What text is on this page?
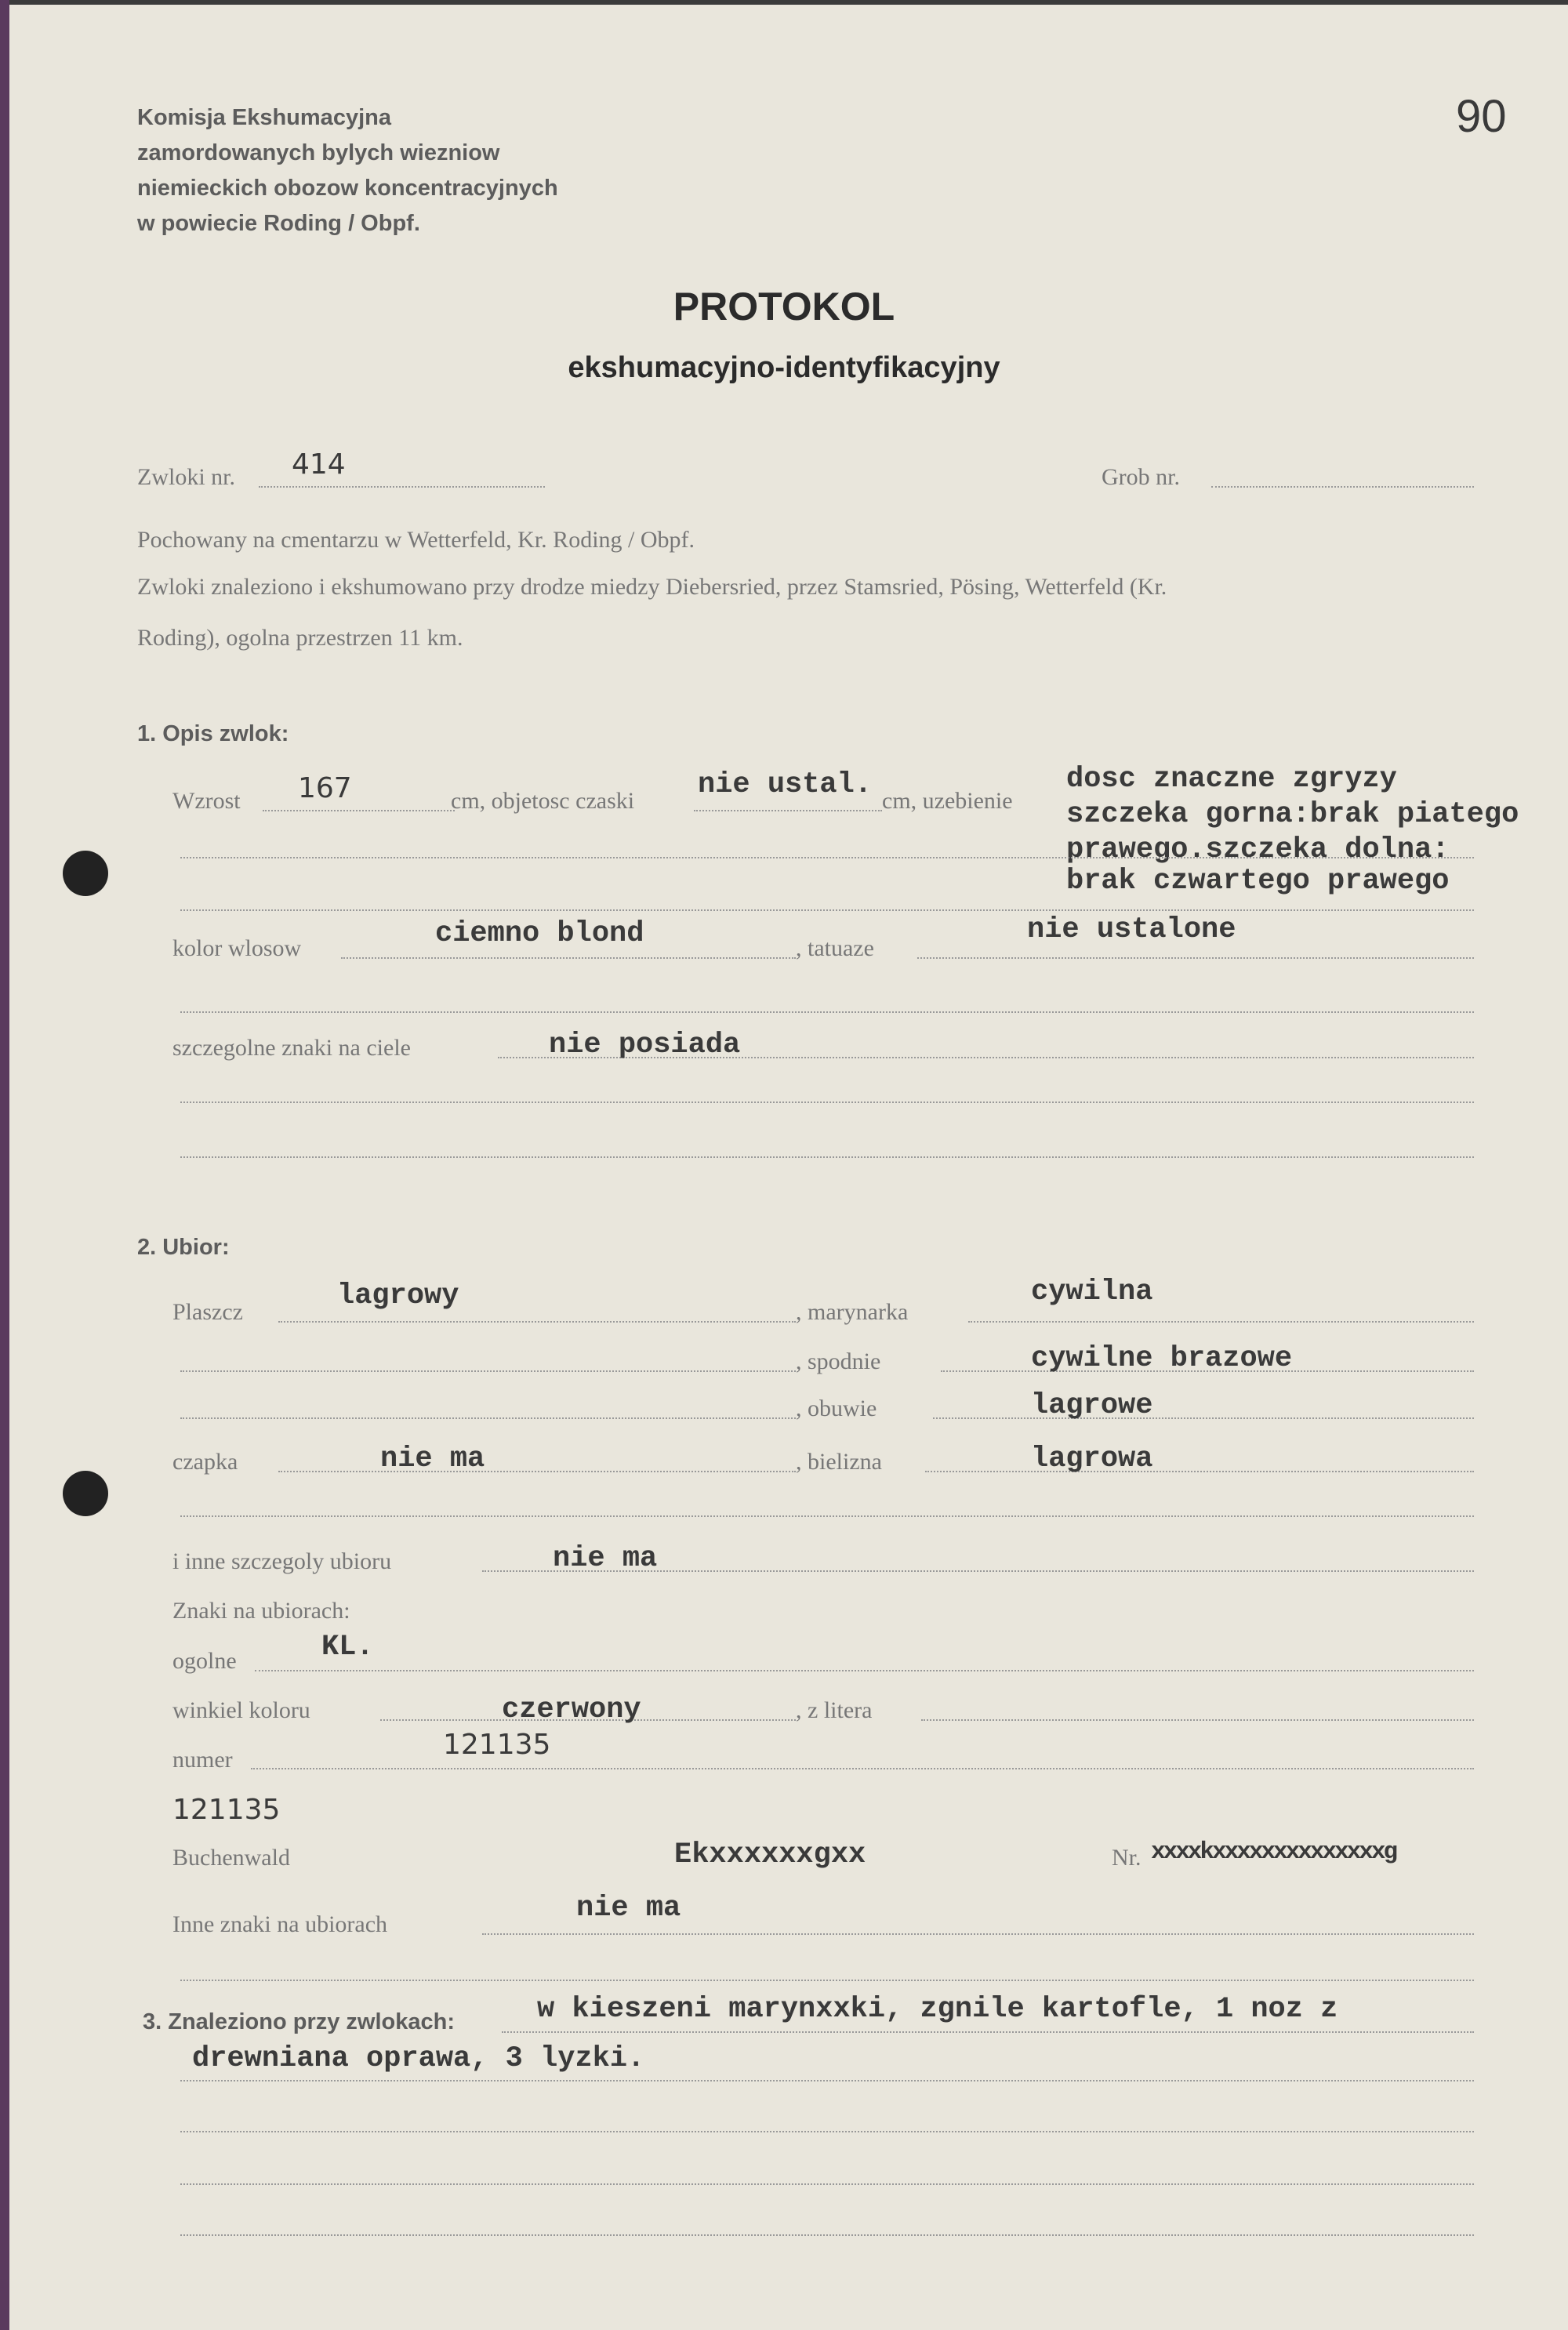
Komisja Ekshumacyjna
zamordowanych bylych wiezniow
niemieckich obozow koncentracyjnych
w powiecie Roding / Obpf.
90
PROTOKOL
ekshumacyjno-identyfikacyjny
Zwloki nr. 414	Grob nr.
Pochowany na cmentarzu w Wetterfeld, Kr. Roding / Obpf.
Zwloki znaleziono i ekshumowano przy drodze miedzy Diebersried, przez Stamsried, Pösing, Wetterfeld (Kr.
Roding), ogolna przestrzen 11 km.
1. Opis zwlok:
Wzrost 167	cm, objetosc czaski nie ustal. cm, uzebienie
dosc znaczne zgryzy
szczeka gorna:brak piatego
prawego.szczeka dolna:
brak czwartego prawego
kolor wlosow	ciemno blond	, tatuaze
nie ustalone
szczegolne znaki na ciele	nie posiada
2. Ubior:
Plaszcz	lagrowy	, marynarka
cywilna
, spodnie	cywilne brazowe
, obuwie	lagrowe
czapka	nie ma	, bielizna	lagrowa
i inne szczegoly ubioru	nie ma
Znaki na ubiorach:
ogolne	KL.
winkiel koloru	czerwony	, z litera
numer	121135
121135
Buchenwald	Ekxxxxxxgxx	Nr. xxxxkxxxxxxxxxxxxxxg
Inne znaki na ubiorach	nie ma
3. Znaleziono przy zwlokach:	w kieszeni marynxxki, zgnile kartofle, 1 noz z
drewniana oprawa, 3 lyzki.
